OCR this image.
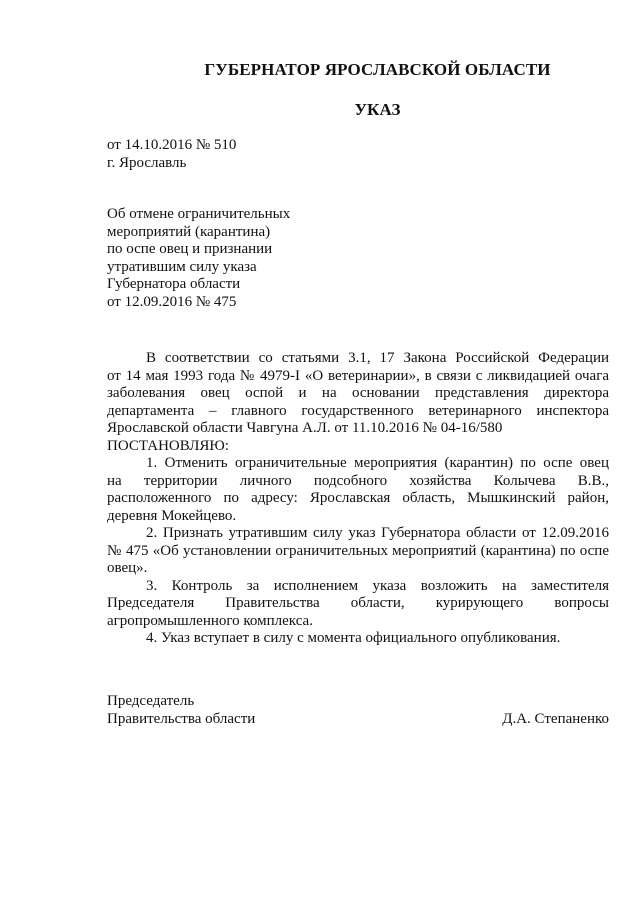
ГУБЕРНАТОР ЯРОСЛАВСКОЙ ОБЛАСТИ
УКАЗ
от 14.10.2016 № 510
г. Ярославль
Об отмене ограничительных
мероприятий (карантина)
по оспе овец и признании
утратившим силу указа
Губернатора области
от 12.09.2016 № 475
В соответствии со статьями 3.1, 17 Закона Российской Федерации
от 14 мая 1993 года № 4979-I «О ветеринарии», в связи с ликвидацией очага
заболевания овец оспой и на основании представления директора
департамента – главного государственного ветеринарного инспектора
Ярославской области Чавгуна А.Л. от 11.10.2016 № 04-16/580
ПОСТАНОВЛЯЮ:
1. Отменить ограничительные мероприятия (карантин) по оспе овец
на территории личного подсобного хозяйства Колычева В.В.,
расположенного по адресу: Ярославская область, Мышкинский район,
деревня Мокейцево.
2. Признать утратившим силу указ Губернатора области от 12.09.2016
№ 475 «Об установлении ограничительных мероприятий (карантина) по оспе
овец».
3. Контроль за исполнением указа возложить на заместителя
Председателя Правительства области, курирующего вопросы
агропромышленного комплекса.
4. Указ вступает в силу с момента официального опубликования.
Председатель
Правительства области	Д.А. Степаненко
